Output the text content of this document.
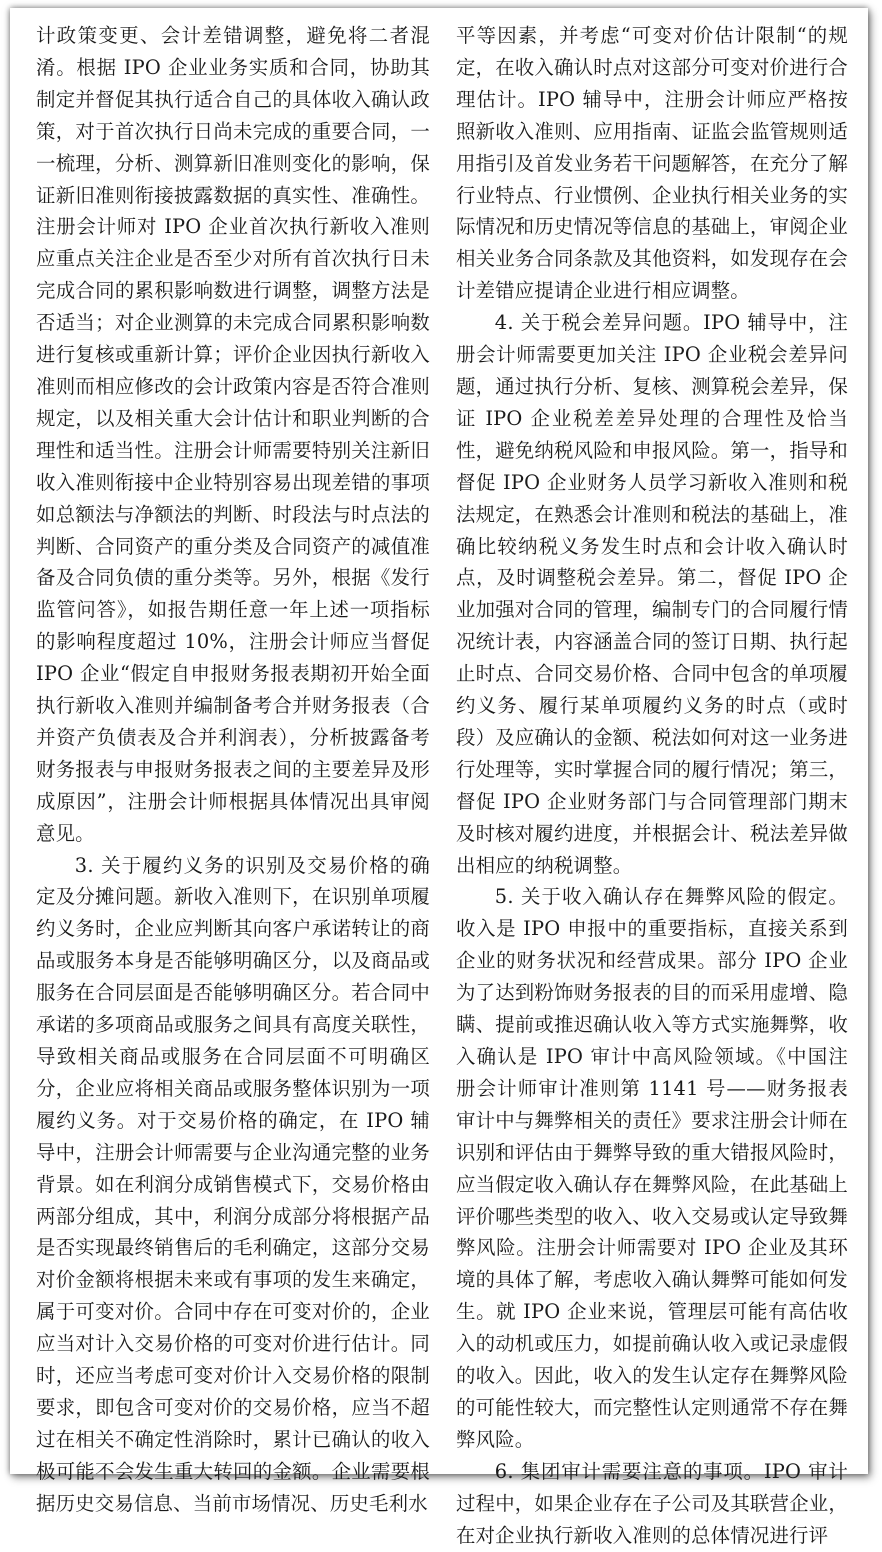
计政策变更、会计差错调整，避免将二者混淆。根据 IPO 企业业务实质和合同，协助其制定并督促其执行适合自己的具体收入确认政策，对于首次执行日尚未完成的重要合同，一一梳理，分析、测算新旧准则变化的影响，保证新旧准则衔接披露数据的真实性、准确性。注册会计师对 IPO 企业首次执行新收入准则应重点关注企业是否至少对所有首次执行日未完成合同的累积影响数进行调整，调整方法是否适当；对企业测算的未完成合同累积影响数进行复核或重新计算；评价企业因执行新收入准则而相应修改的会计政策内容是否符合准则规定，以及相关重大会计估计和职业判断的合理性和适当性。注册会计师需要特别关注新旧收入准则衔接中企业特别容易出现差错的事项如总额法与净额法的判断、时段法与时点法的判断、合同资产的重分类及合同资产的减值准备及合同负债的重分类等。另外，根据《发行监管问答》，如报告期任意一年上述一项指标的影响程度超过 10%，注册会计师应当督促 IPO 企业“假定自申报财务报表期初开始全面执行新收入准则并编制备考合并财务报表（合并资产负债表及合并利润表），分析披露备考财务报表与申报财务报表之间的主要差异及形成原因”，注册会计师根据具体情况出具审阅意见。

3. 关于履约义务的识别及交易价格的确定及分摊问题。新收入准则下，在识别单项履约义务时，企业应判断其向客户承诺转让的商品或服务本身是否能够明确区分，以及商品或服务在合同层面是否能够明确区分。若合同中承诺的多项商品或服务之间具有高度关联性，导致相关商品或服务在合同层面不可明确区分，企业应将相关商品或服务整体识别为一项履约义务。对于交易价格的确定，在 IPO 辅导中，注册会计师需要与企业沟通完整的业务背景。如在利润分成销售模式下，交易价格由两部分组成，其中，利润分成部分将根据产品是否实现最终销售后的毛利确定，这部分交易对价金额将根据未来或有事项的发生来确定，属于可变对价。合同中存在可变对价的，企业应当对计入交易价格的可变对价进行估计。同时，还应当考虑可变对价计入交易价格的限制要求，即包含可变对价的交易价格，应当不超过在相关不确定性消除时，累计已确认的收入极可能不会发生重大转回的金额。企业需要根据历史交易信息、当前市场情况、历史毛利水

平等因素，并考虑“可变对价估计限制“的规定，在收入确认时点对这部分可变对价进行合理估计。IPO 辅导中，注册会计师应严格按照新收入准则、应用指南、证监会监管规则适用指引及首发业务若干问题解答，在充分了解行业特点、行业惯例、企业执行相关业务的实际情况和历史情况等信息的基础上，审阅企业相关业务合同条款及其他资料，如发现存在会计差错应提请企业进行相应调整。

4. 关于税会差异问题。IPO 辅导中，注册会计师需要更加关注 IPO 企业税会差异问题，通过执行分析、复核、测算税会差异，保证 IPO 企业税差差异处理的合理性及恰当性，避免纳税风险和申报风险。第一，指导和督促 IPO 企业财务人员学习新收入准则和税法规定，在熟悉会计准则和税法的基础上，准确比较纳税义务发生时点和会计收入确认时点，及时调整税会差异。第二，督促 IPO 企业加强对合同的管理，编制专门的合同履行情况统计表，内容涵盖合同的签订日期、执行起止时点、合同交易价格、合同中包含的单项履约义务、履行某单项履约义务的时点（或时段）及应确认的金额、税法如何对这一业务进行处理等，实时掌握合同的履行情况；第三，督促 IPO 企业财务部门与合同管理部门期末及时核对履约进度，并根据会计、税法差异做出相应的纳税调整。

5. 关于收入确认存在舞弊风险的假定。收入是 IPO 申报中的重要指标，直接关系到企业的财务状况和经营成果。部分 IPO 企业为了达到粉饰财务报表的目的而采用虚增、隐瞒、提前或推迟确认收入等方式实施舞弊，收入确认是 IPO 审计中高风险领域。《中国注册会计师审计准则第 1141 号——财务报表审计中与舞弊相关的责任》要求注册会计师在识别和评估由于舞弊导致的重大错报风险时，应当假定收入确认存在舞弊风险，在此基础上评价哪些类型的收入、收入交易或认定导致舞弊风险。注册会计师需要对 IPO 企业及其环境的具体了解，考虑收入确认舞弊可能如何发生。就 IPO 企业来说，管理层可能有高估收入的动机或压力，如提前确认收入或记录虚假的收入。因此，收入的发生认定存在舞弊风险的可能性较大，而完整性认定则通常不存在舞弊风险。

6. 集团审计需要注意的事项。IPO 审计过程中，如果企业存在子公司及其联营企业，在对企业执行新收入准则的总体情况进行评
